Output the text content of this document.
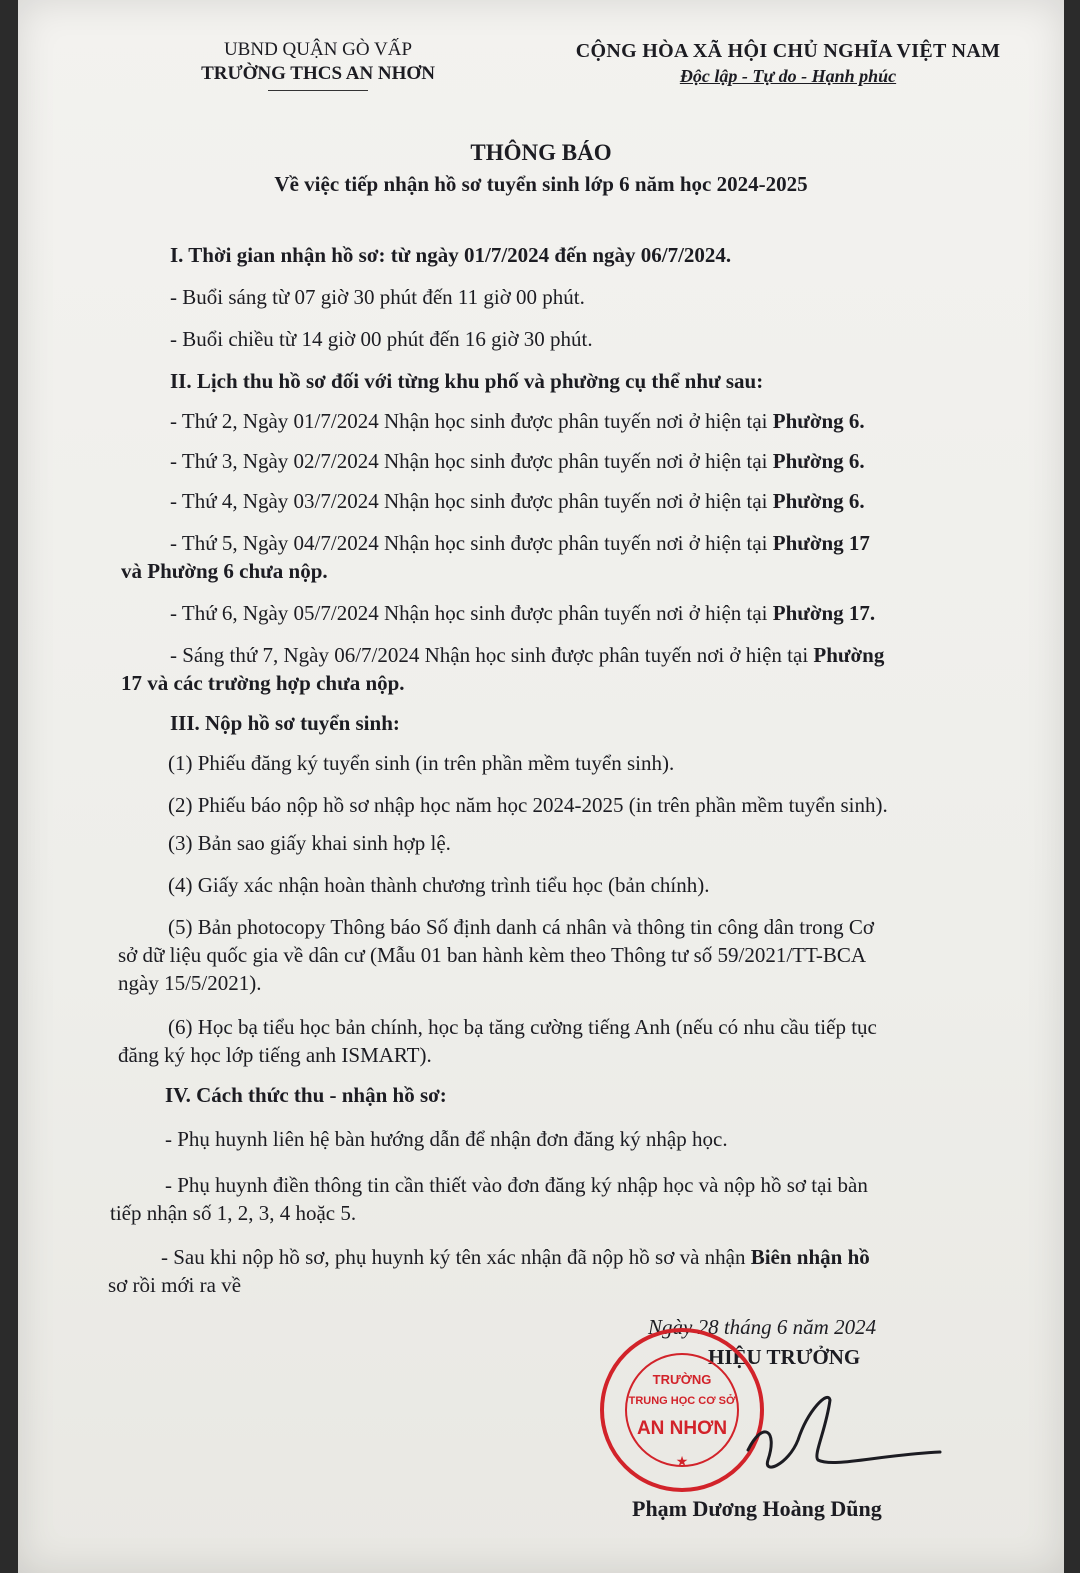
UBND QUẬN GÒ VẤP
TRƯỜNG THCS AN NHƠN
CỘNG HÒA XÃ HỘI CHỦ NGHĨA VIỆT NAM
Độc lập - Tự do - Hạnh phúc
THÔNG BÁO
Về việc tiếp nhận hồ sơ tuyển sinh lớp 6 năm học 2024-2025
I. Thời gian nhận hồ sơ: từ ngày 01/7/2024 đến ngày 06/7/2024.
- Buổi sáng từ 07 giờ 30 phút đến 11 giờ 00 phút.
- Buổi chiều từ 14 giờ 00 phút đến 16 giờ 30 phút.
II. Lịch thu hồ sơ đối với từng khu phố và phường cụ thể như sau:
- Thứ 2, Ngày 01/7/2024 Nhận học sinh được phân tuyến nơi ở hiện tại Phường 6.
- Thứ 3, Ngày 02/7/2024 Nhận học sinh được phân tuyến nơi ở hiện tại Phường 6.
- Thứ 4, Ngày 03/7/2024 Nhận học sinh được phân tuyến nơi ở hiện tại Phường 6.
- Thứ 5, Ngày 04/7/2024 Nhận học sinh được phân tuyến nơi ở hiện tại Phường 17
và Phường 6 chưa nộp.
- Thứ 6, Ngày 05/7/2024 Nhận học sinh được phân tuyến nơi ở hiện tại Phường 17.
- Sáng thứ 7, Ngày 06/7/2024 Nhận học sinh được phân tuyến nơi ở hiện tại Phường
17 và các trường hợp chưa nộp.
III. Nộp hồ sơ tuyển sinh:
(1) Phiếu đăng ký tuyển sinh (in trên phần mềm tuyển sinh).
(2) Phiếu báo nộp hồ sơ nhập học năm học 2024-2025 (in trên phần mềm tuyển sinh).
(3) Bản sao giấy khai sinh hợp lệ.
(4) Giấy xác nhận hoàn thành chương trình tiểu học (bản chính).
(5) Bản photocopy Thông báo Số định danh cá nhân và thông tin công dân trong Cơ
sở dữ liệu quốc gia về dân cư (Mẫu 01 ban hành kèm theo Thông tư số 59/2021/TT-BCA
ngày 15/5/2021).
(6) Học bạ tiểu học bản chính, học bạ tăng cường tiếng Anh (nếu có nhu cầu tiếp tục
đăng ký học lớp tiếng anh ISMART).
IV. Cách thức thu - nhận hồ sơ:
- Phụ huynh liên hệ bàn hướng dẫn để nhận đơn đăng ký nhập học.
- Phụ huynh điền thông tin cần thiết vào đơn đăng ký nhập học và nộp hồ sơ tại bàn
tiếp nhận số 1, 2, 3, 4 hoặc 5.
- Sau khi nộp hồ sơ, phụ huynh ký tên xác nhận đã nộp hồ sơ và nhận Biên nhận hồ
sơ rồi mới ra về
Ngày 28 tháng 6 năm 2024
HIỆU TRƯỞNG
TRƯỜNG
TRUNG HỌC CƠ SỞ
AN NHƠN
★
Phạm Dương Hoàng Dũng
